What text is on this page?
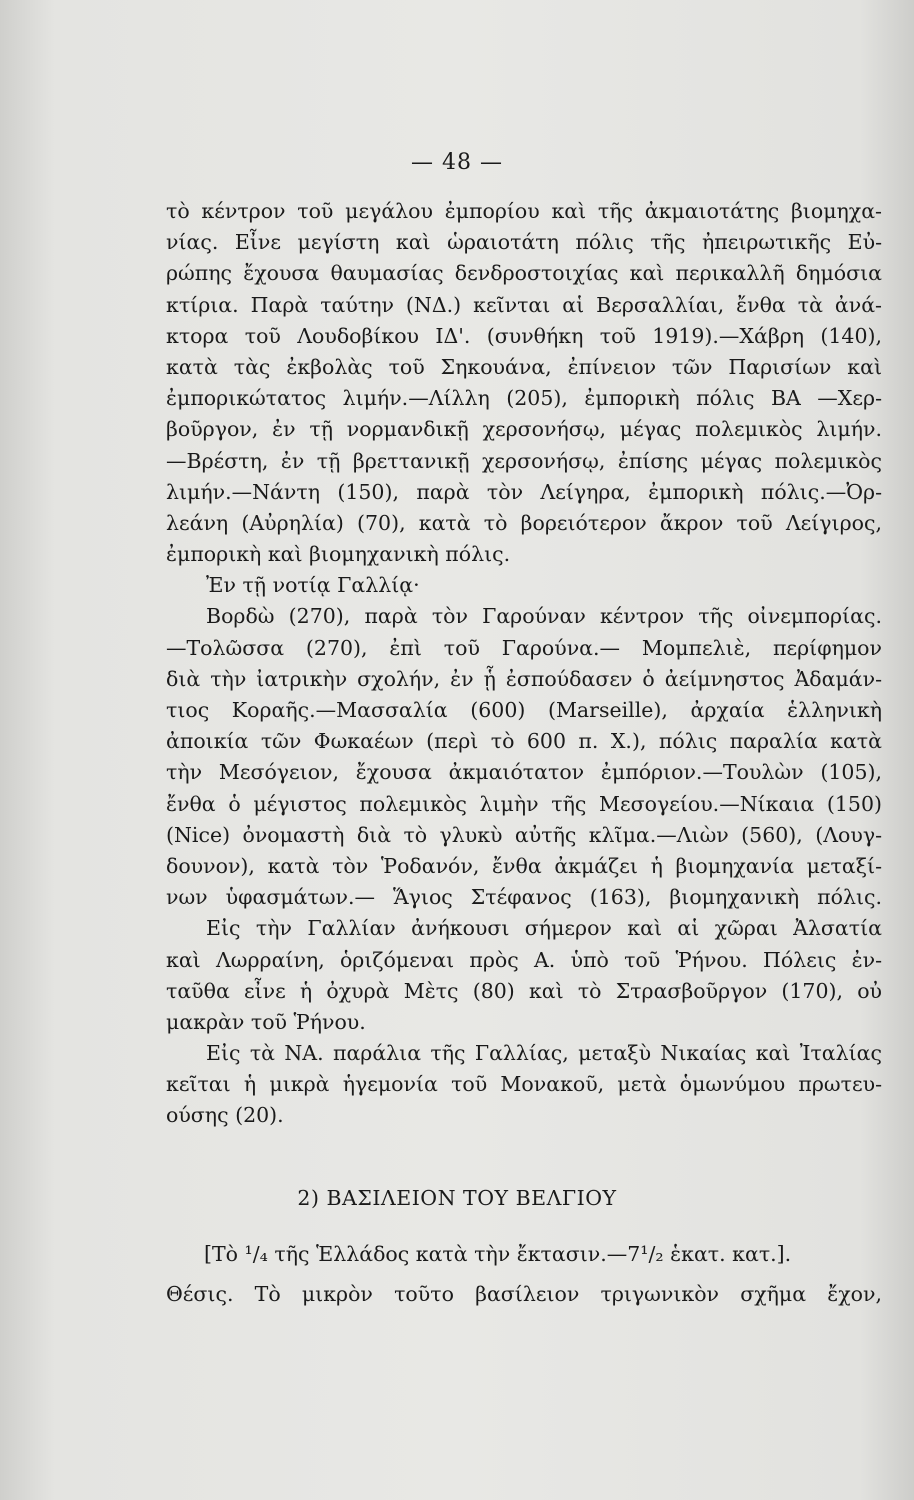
— 48 —
τὸ κέντρον τοῦ μεγάλου ἐμπορίου καὶ τῆς ἀκμαιοτάτης βιομηχα-
νίας. Εἶνε μεγίστη καὶ ὡραιοτάτη πόλις τῆς ἠπειρωτικῆς Εὐ-
ρώπης ἔχουσα θαυμασίας δενδροστοιχίας καὶ περικαλλῆ δημόσια
κτίρια. Παρὰ ταύτην (ΝΔ.) κεῖνται αἱ Βερσαλλίαι, ἔνθα τὰ ἀνά-
κτορα τοῦ Λουδοβίκου ΙΔ'. (συνθήκη τοῦ 1919).—Χάβρη (140),
κατὰ τὰς ἐκβολὰς τοῦ Σηκουάνα, ἐπίνειον τῶν Παρισίων καὶ
ἐμπορικώτατος λιμήν.—Λίλλη (205), ἐμπορικὴ πόλις ΒΑ —Χερ-
βοῦργον, ἐν τῇ νορμανδικῇ χερσονήσῳ, μέγας πολεμικὸς λιμήν.
—Βρέστη, ἐν τῇ βρεττανικῇ χερσονήσῳ, ἐπίσης μέγας πολεμικὸς
λιμήν.—Νάντη (150), παρὰ τὸν Λείγηρα, ἐμπορικὴ πόλις.—Ὀρ-
λεάνη (Αὐρηλία) (70), κατὰ τὸ βορειότερον ἄκρον τοῦ Λείγιρος,
ἐμπορικὴ καὶ βιομηχανικὴ πόλις.
Ἐν τῇ νοτίᾳ Γαλλίᾳ·
Βορδὼ (270), παρὰ τὸν Γαρούναν κέντρον τῆς οἰνεμπορίας.
—Τολῶσσα (270), ἐπὶ τοῦ Γαρούνα.— Μομπελιὲ, περίφημον
διὰ τὴν ἰατρικὴν σχολήν, ἐν ᾗ ἐσπούδασεν ὁ ἀείμνηστος Ἀδαμάν-
τιος Κοραῆς.—Μασσαλία (600) (Marseille), ἀρχαία ἑλληνικὴ
ἀποικία τῶν Φωκαέων (περὶ τὸ 600 π. Χ.), πόλις παραλία κατὰ
τὴν Μεσόγειον, ἔχουσα ἀκμαιότατον ἐμπόριον.—Τουλὼν (105),
ἔνθα ὁ μέγιστος πολεμικὸς λιμὴν τῆς Μεσογείου.—Νίκαια (150)
(Nice) ὀνομαστὴ διὰ τὸ γλυκὺ αὐτῆς κλῖμα.—Λιὼν (560), (Λουγ-
δουνον), κατὰ τὸν Ῥοδανόν, ἔνθα ἀκμάζει ἡ βιομηχανία μεταξί-
νων ὑφασμάτων.— Ἅγιος Στέφανος (163), βιομηχανικὴ πόλις.
Εἰς τὴν Γαλλίαν ἀνήκουσι σήμερον καὶ αἱ χῶραι Ἀλσατία
καὶ Λωρραίνη, ὁριζόμεναι πρὸς Α. ὑπὸ τοῦ Ῥήνου. Πόλεις ἐν-
ταῦθα εἶνε ἡ ὀχυρὰ Μὲτς (80) καὶ τὸ Στρασβοῦργον (170), οὐ
μακρὰν τοῦ Ῥήνου.
Εἰς τὰ ΝΑ. παράλια τῆς Γαλλίας, μεταξὺ Νικαίας καὶ Ἰταλίας
κεῖται ἡ μικρὰ ἡγεμονία τοῦ Μονακοῦ, μετὰ ὁμωνύμου πρωτευ-
ούσης (20).
2) ΒΑΣΙΛΕΙΟΝ ΤΟΥ ΒΕΛΓΙΟΥ
[Τὸ ¹/₄ τῆς Ἑλλάδος κατὰ τὴν ἔκτασιν.—7¹/₂ ἑκατ. κατ.].
Θέσις. Τὸ μικρὸν τοῦτο βασίλειον τριγωνικὸν σχῆμα ἔχον,
